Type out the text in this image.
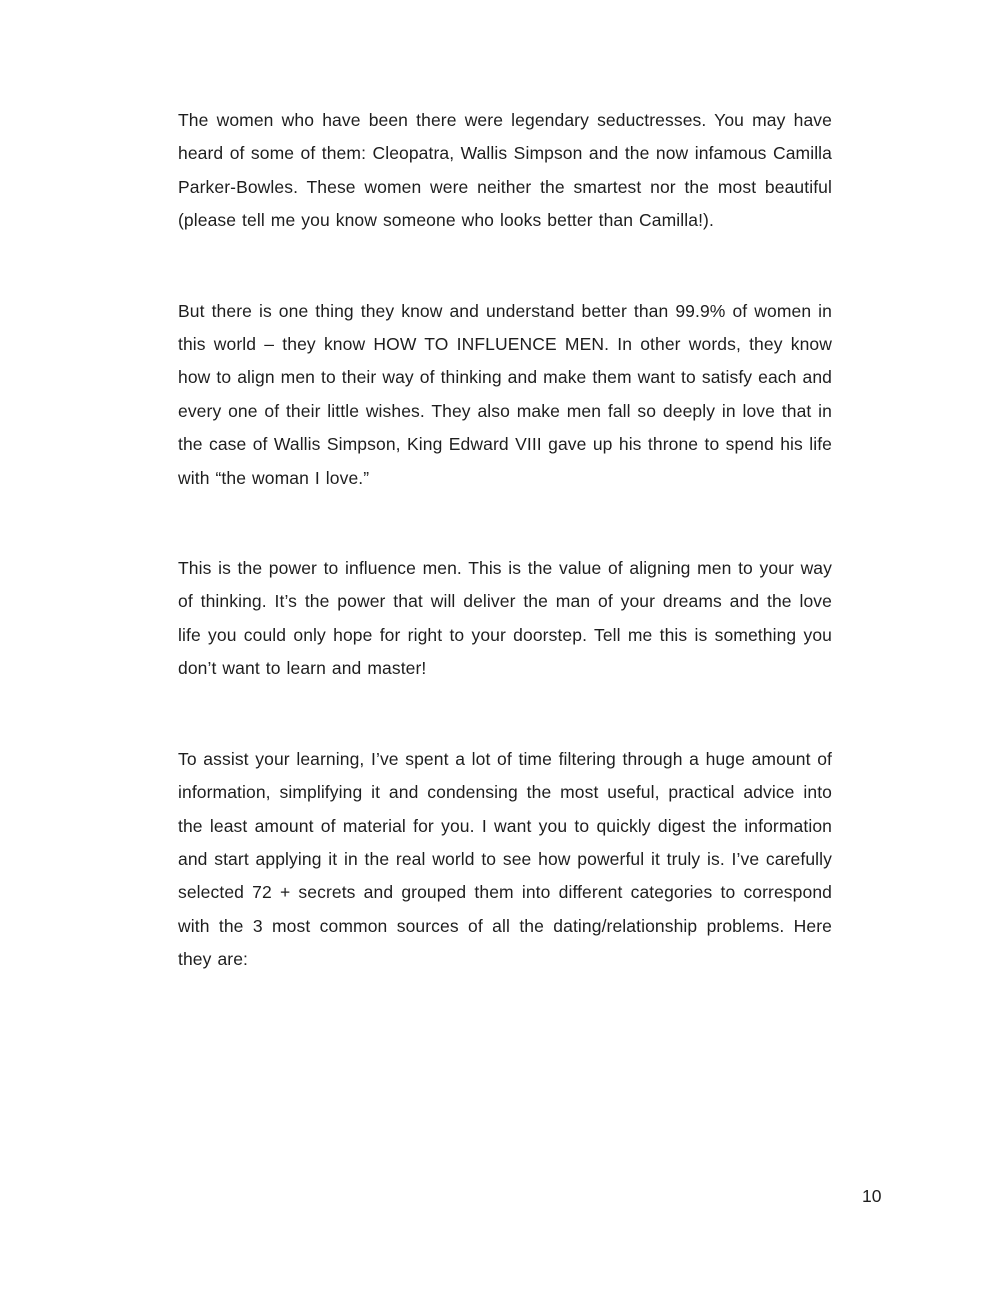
The women who have been there were legendary seductresses. You may have heard of some of them: Cleopatra, Wallis Simpson and the now infamous Camilla Parker-Bowles. These women were neither the smartest nor the most beautiful (please tell me you know someone who looks better than Camilla!).

But there is one thing they know and understand better than 99.9% of women in this world – they know HOW TO INFLUENCE MEN. In other words, they know how to align men to their way of thinking and make them want to satisfy each and every one of their little wishes. They also make men fall so deeply in love that in the case of Wallis Simpson, King Edward VIII gave up his throne to spend his life with “the woman I love.”

This is the power to influence men. This is the value of aligning men to your way of thinking. It’s the power that will deliver the man of your dreams and the love life you could only hope for right to your doorstep. Tell me this is something you don’t want to learn and master!

To assist your learning, I’ve spent a lot of time filtering through a huge amount of information, simplifying it and condensing the most useful, practical advice into the least amount of material for you. I want you to quickly digest the information and start applying it in the real world to see how powerful it truly is. I’ve carefully selected 72 + secrets and grouped them into different categories to correspond with the 3 most common sources of all the dating/relationship problems. Here they are:

10
